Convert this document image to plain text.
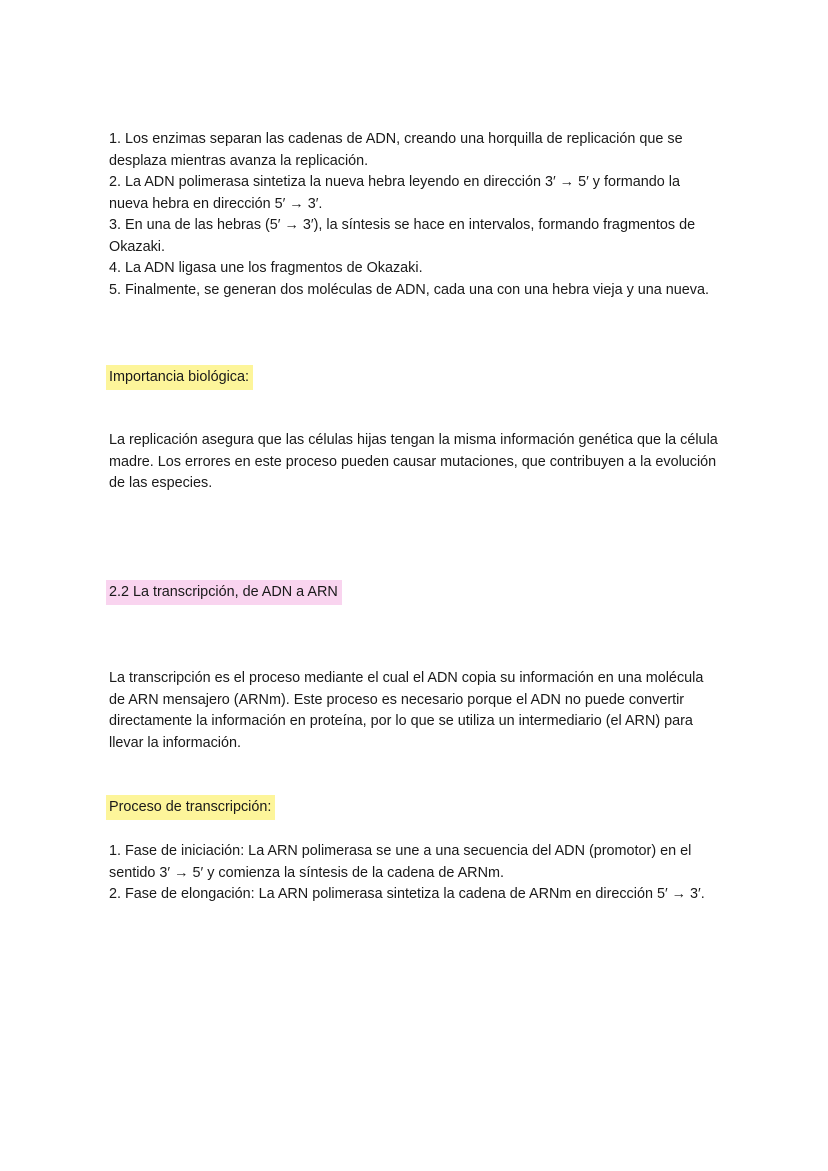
1. Los enzimas separan las cadenas de ADN, creando una horquilla de replicación que se desplaza mientras avanza la replicación.

2. La ADN polimerasa sintetiza la nueva hebra leyendo en dirección 3′ → 5′ y formando la nueva hebra en dirección 5′ → 3′.

3. En una de las hebras (5′ → 3′), la síntesis se hace en intervalos, formando fragmentos de Okazaki.

4. La ADN ligasa une los fragmentos de Okazaki.

5. Finalmente, se generan dos moléculas de ADN, cada una con una hebra vieja y una nueva.

Importancia biológica:

La replicación asegura que las células hijas tengan la misma información genética que la célula madre. Los errores en este proceso pueden causar mutaciones, que contribuyen a la evolución de las especies.

2.2 La transcripción, de ADN a ARN

La transcripción es el proceso mediante el cual el ADN copia su información en una molécula de ARN mensajero (ARNm). Este proceso es necesario porque el ADN no puede convertir directamente la información en proteína, por lo que se utiliza un intermediario (el ARN) para llevar la información.

Proceso de transcripción:

1. Fase de iniciación: La ARN polimerasa se une a una secuencia del ADN (promotor) en el sentido 3′ → 5′ y comienza la síntesis de la cadena de ARNm.

2. Fase de elongación: La ARN polimerasa sintetiza la cadena de ARNm en dirección 5′ → 3′.
